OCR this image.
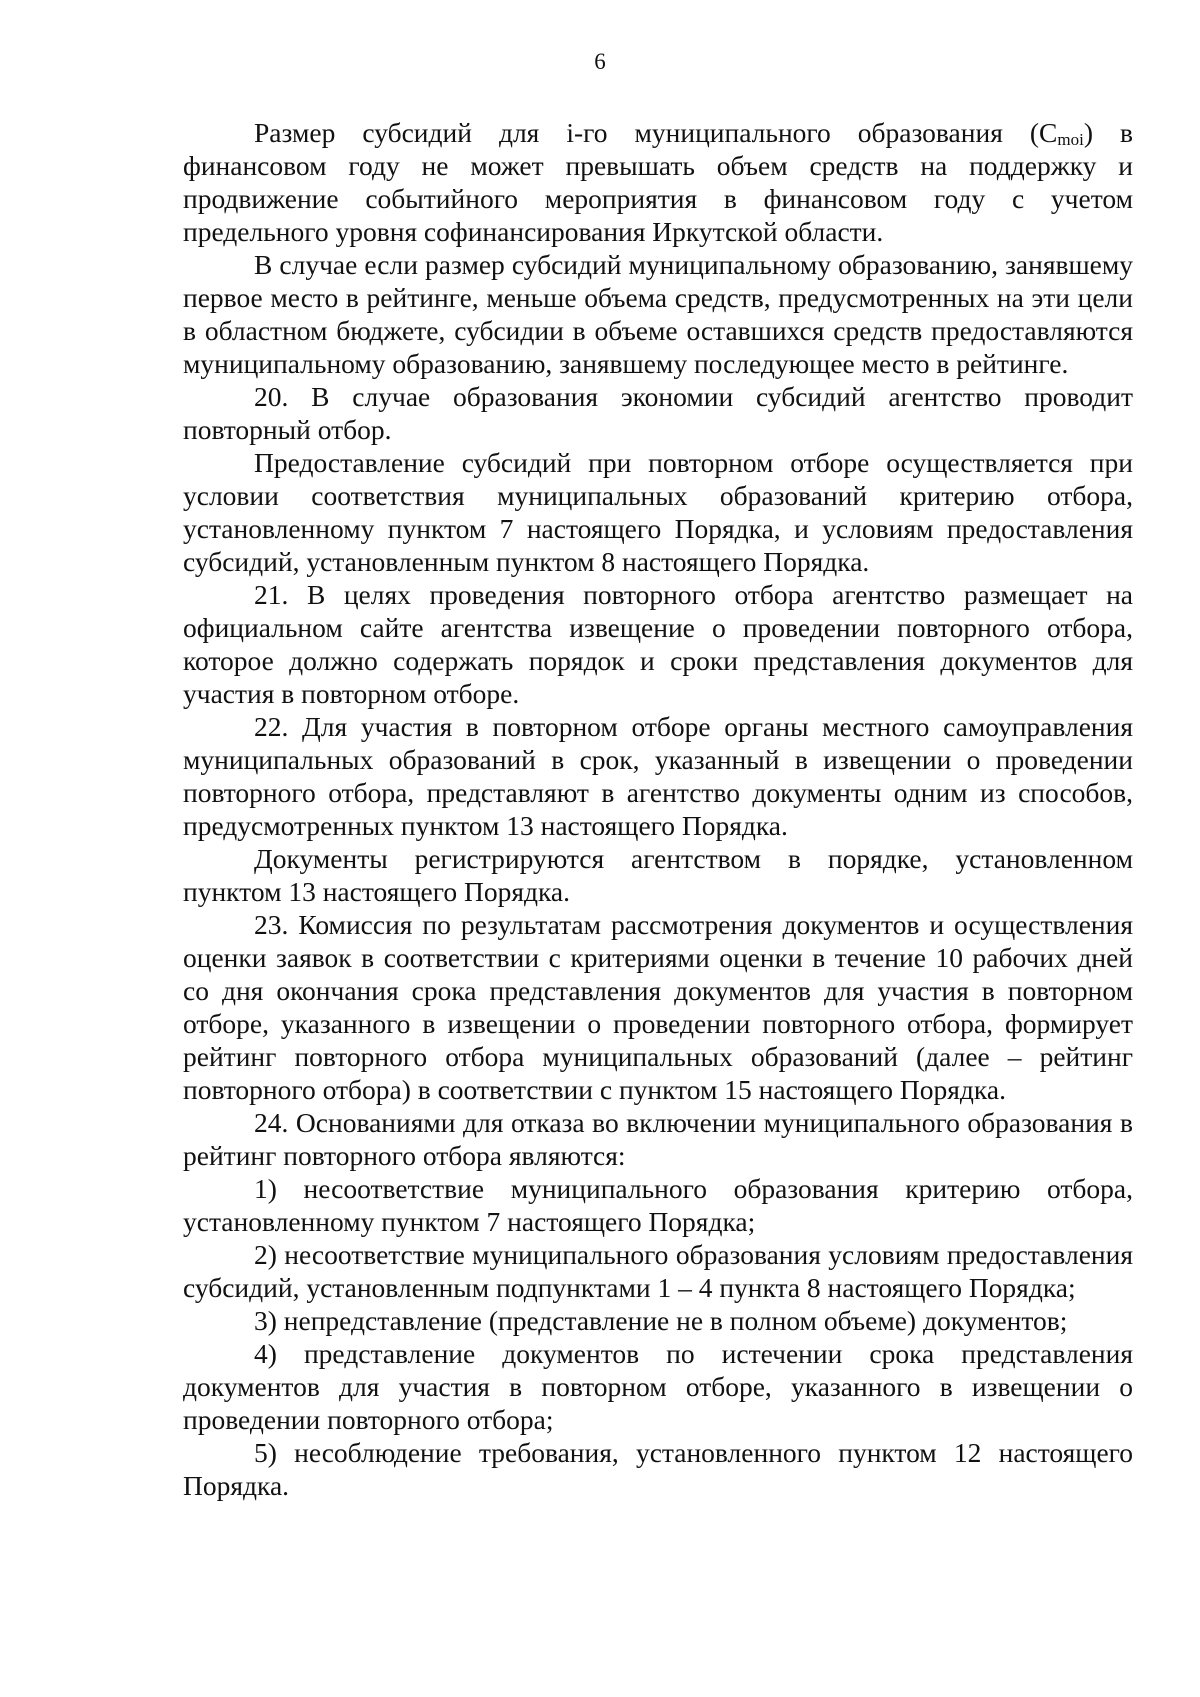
6

Размер субсидий для i-го муниципального образования $(С_{moi})$ в финансовом году не может превышать объем средств на поддержку и продвижение событийного мероприятия в финансовом году с учетом предельного уровня софинансирования Иркутской области.

В случае если размер субсидий муниципальному образованию, занявшему первое место в рейтинге, меньше объема средств, предусмотренных на эти цели в областном бюджете, субсидии в объеме оставшихся средств предоставляются муниципальному образованию, занявшему последующее место в рейтинге.

20. В случае образования экономии субсидий агентство проводит повторный отбор.

Предоставление субсидий при повторном отборе осуществляется при условии соответствия муниципальных образований критерию отбора, установленному пунктом 7 настоящего Порядка, и условиям предоставления субсидий, установленным пунктом 8 настоящего Порядка.

21. В целях проведения повторного отбора агентство размещает на официальном сайте агентства извещение о проведении повторного отбора, которое должно содержать порядок и сроки представления документов для участия в повторном отборе.

22. Для участия в повторном отборе органы местного самоуправления муниципальных образований в срок, указанный в извещении о проведении повторного отбора, представляют в агентство документы одним из способов, предусмотренных пунктом 13 настоящего Порядка.

Документы регистрируются агентством в порядке, установленном пунктом 13 настоящего Порядка.

23. Комиссия по результатам рассмотрения документов и осуществления оценки заявок в соответствии с критериями оценки в течение 10 рабочих дней со дня окончания срока представления документов для участия в повторном отборе, указанного в извещении о проведении повторного отбора, формирует рейтинг повторного отбора муниципальных образований (далее – рейтинг повторного отбора) в соответствии с пунктом 15 настоящего Порядка.

24. Основаниями для отказа во включении муниципального образования в рейтинг повторного отбора являются:

1) несоответствие муниципального образования критерию отбора, установленному пунктом 7 настоящего Порядка;

2) несоответствие муниципального образования условиям предоставления субсидий, установленным подпунктами 1 – 4 пункта 8 настоящего Порядка;

3) непредставление (представление не в полном объеме) документов;

4) представление документов по истечении срока представления документов для участия в повторном отборе, указанного в извещении о проведении повторного отбора;

5) несоблюдение требования, установленного пунктом 12 настоящего Порядка.
